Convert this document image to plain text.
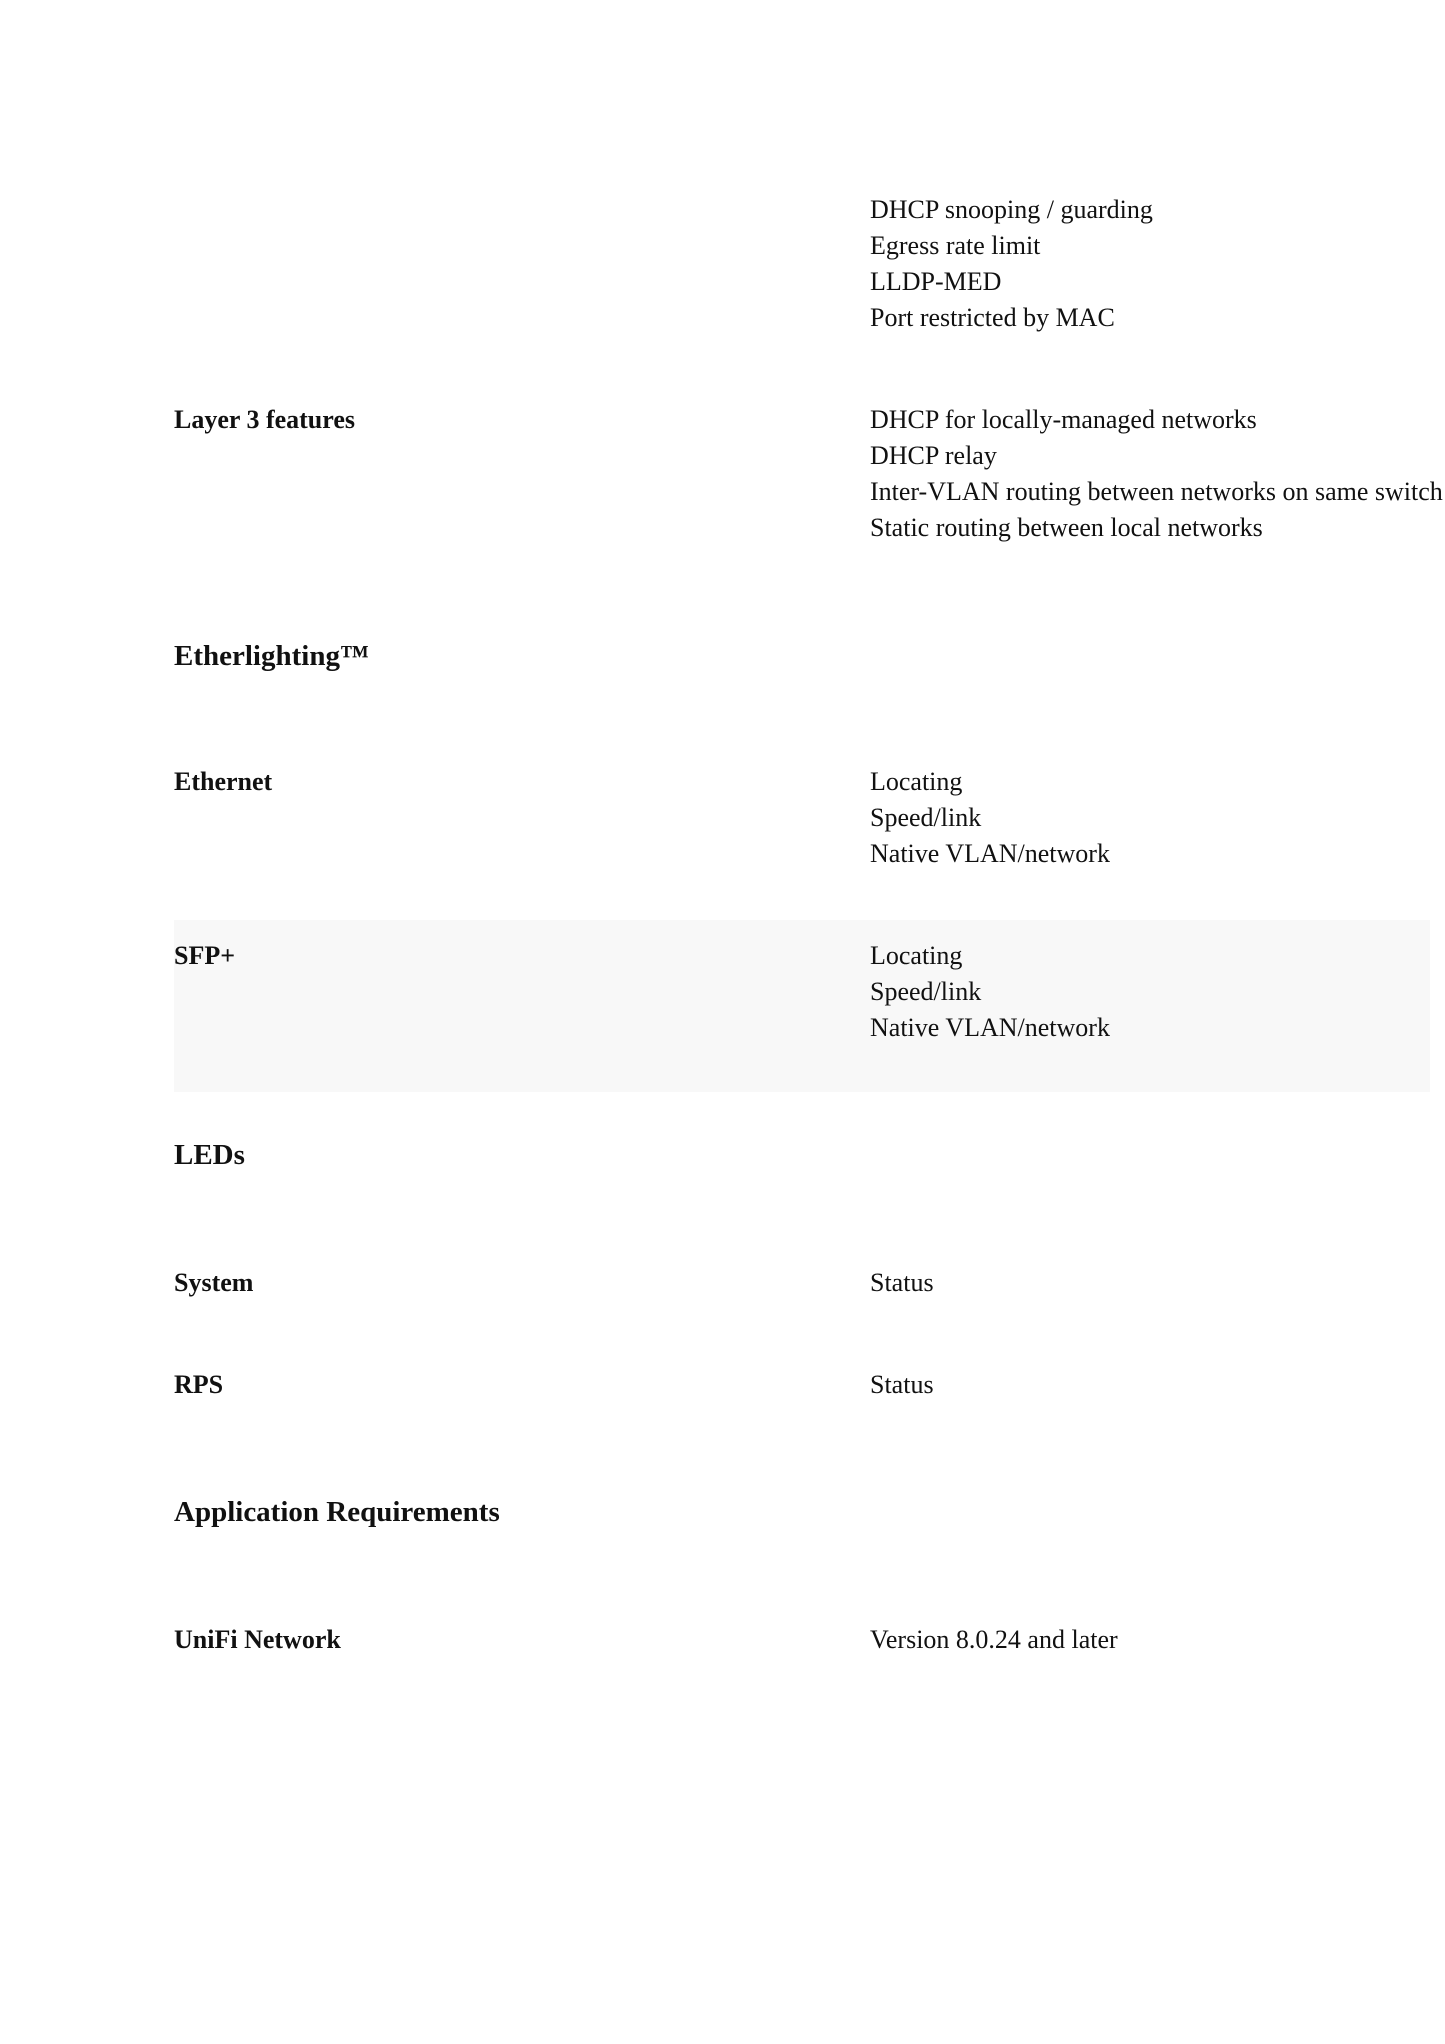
DHCP snooping / guarding
Egress rate limit
LLDP-MED
Port restricted by MAC
Layer 3 features	DHCP for locally-managed networks
DHCP relay
Inter-VLAN routing between networks on same switch
Static routing between local networks
Etherlighting™
Ethernet	Locating
Speed/link
Native VLAN/network
SFP+	Locating
Speed/link
Native VLAN/network
LEDs
System	Status
RPS	Status
Application Requirements
UniFi Network	Version 8.0.24 and later
